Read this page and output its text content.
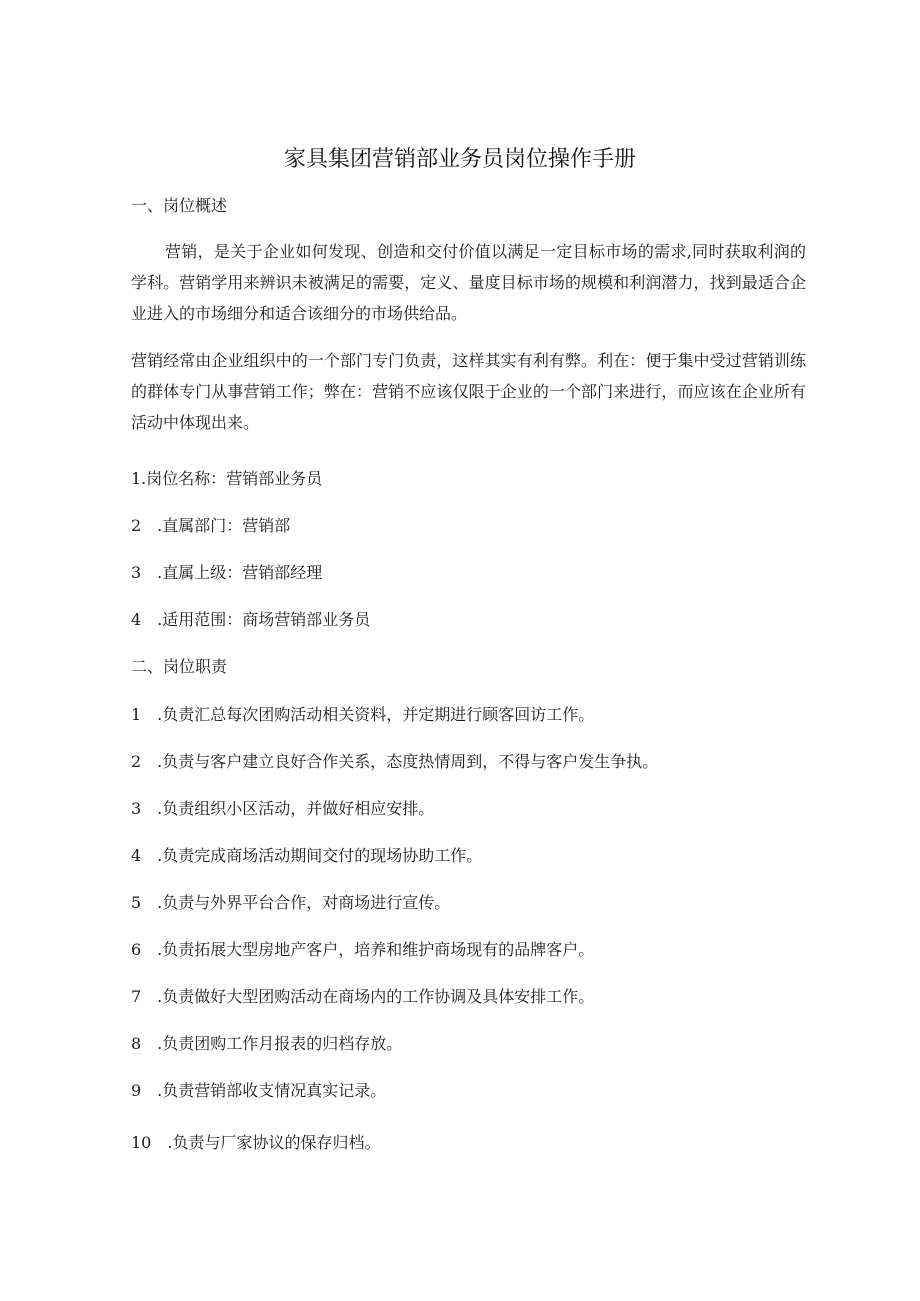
家具集团营销部业务员岗位操作手册
一、岗位概述
营销，是关于企业如何发现、创造和交付价值以满足一定目标市场的需求,同时获取利润的学科。营销学用来辨识未被满足的需要，定义、量度目标市场的规模和利润潜力，找到最适合企业进入的市场细分和适合该细分的市场供给品。
营销经常由企业组织中的一个部门专门负责，这样其实有利有弊。利在：便于集中受过营销训练的群体专门从事营销工作；弊在：营销不应该仅限于企业的一个部门来进行，而应该在企业所有活动中体现出来。
1.岗位名称：营销部业务员
2　.直属部门：营销部
3　.直属上级：营销部经理
4　.适用范围：商场营销部业务员
二、岗位职责
1　.负责汇总每次团购活动相关资料，并定期进行顾客回访工作。
2　.负责与客户建立良好合作关系，态度热情周到，不得与客户发生争执。
3　.负责组织小区活动，并做好相应安排。
4　.负责完成商场活动期间交付的现场协助工作。
5　.负责与外界平台合作，对商场进行宣传。
6　.负责拓展大型房地产客户，培养和维护商场现有的品牌客户。
7　.负责做好大型团购活动在商场内的工作协调及具体安排工作。
8　.负责团购工作月报表的归档存放。
9　.负责营销部收支情况真实记录。
10　.负责与厂家协议的保存归档。
